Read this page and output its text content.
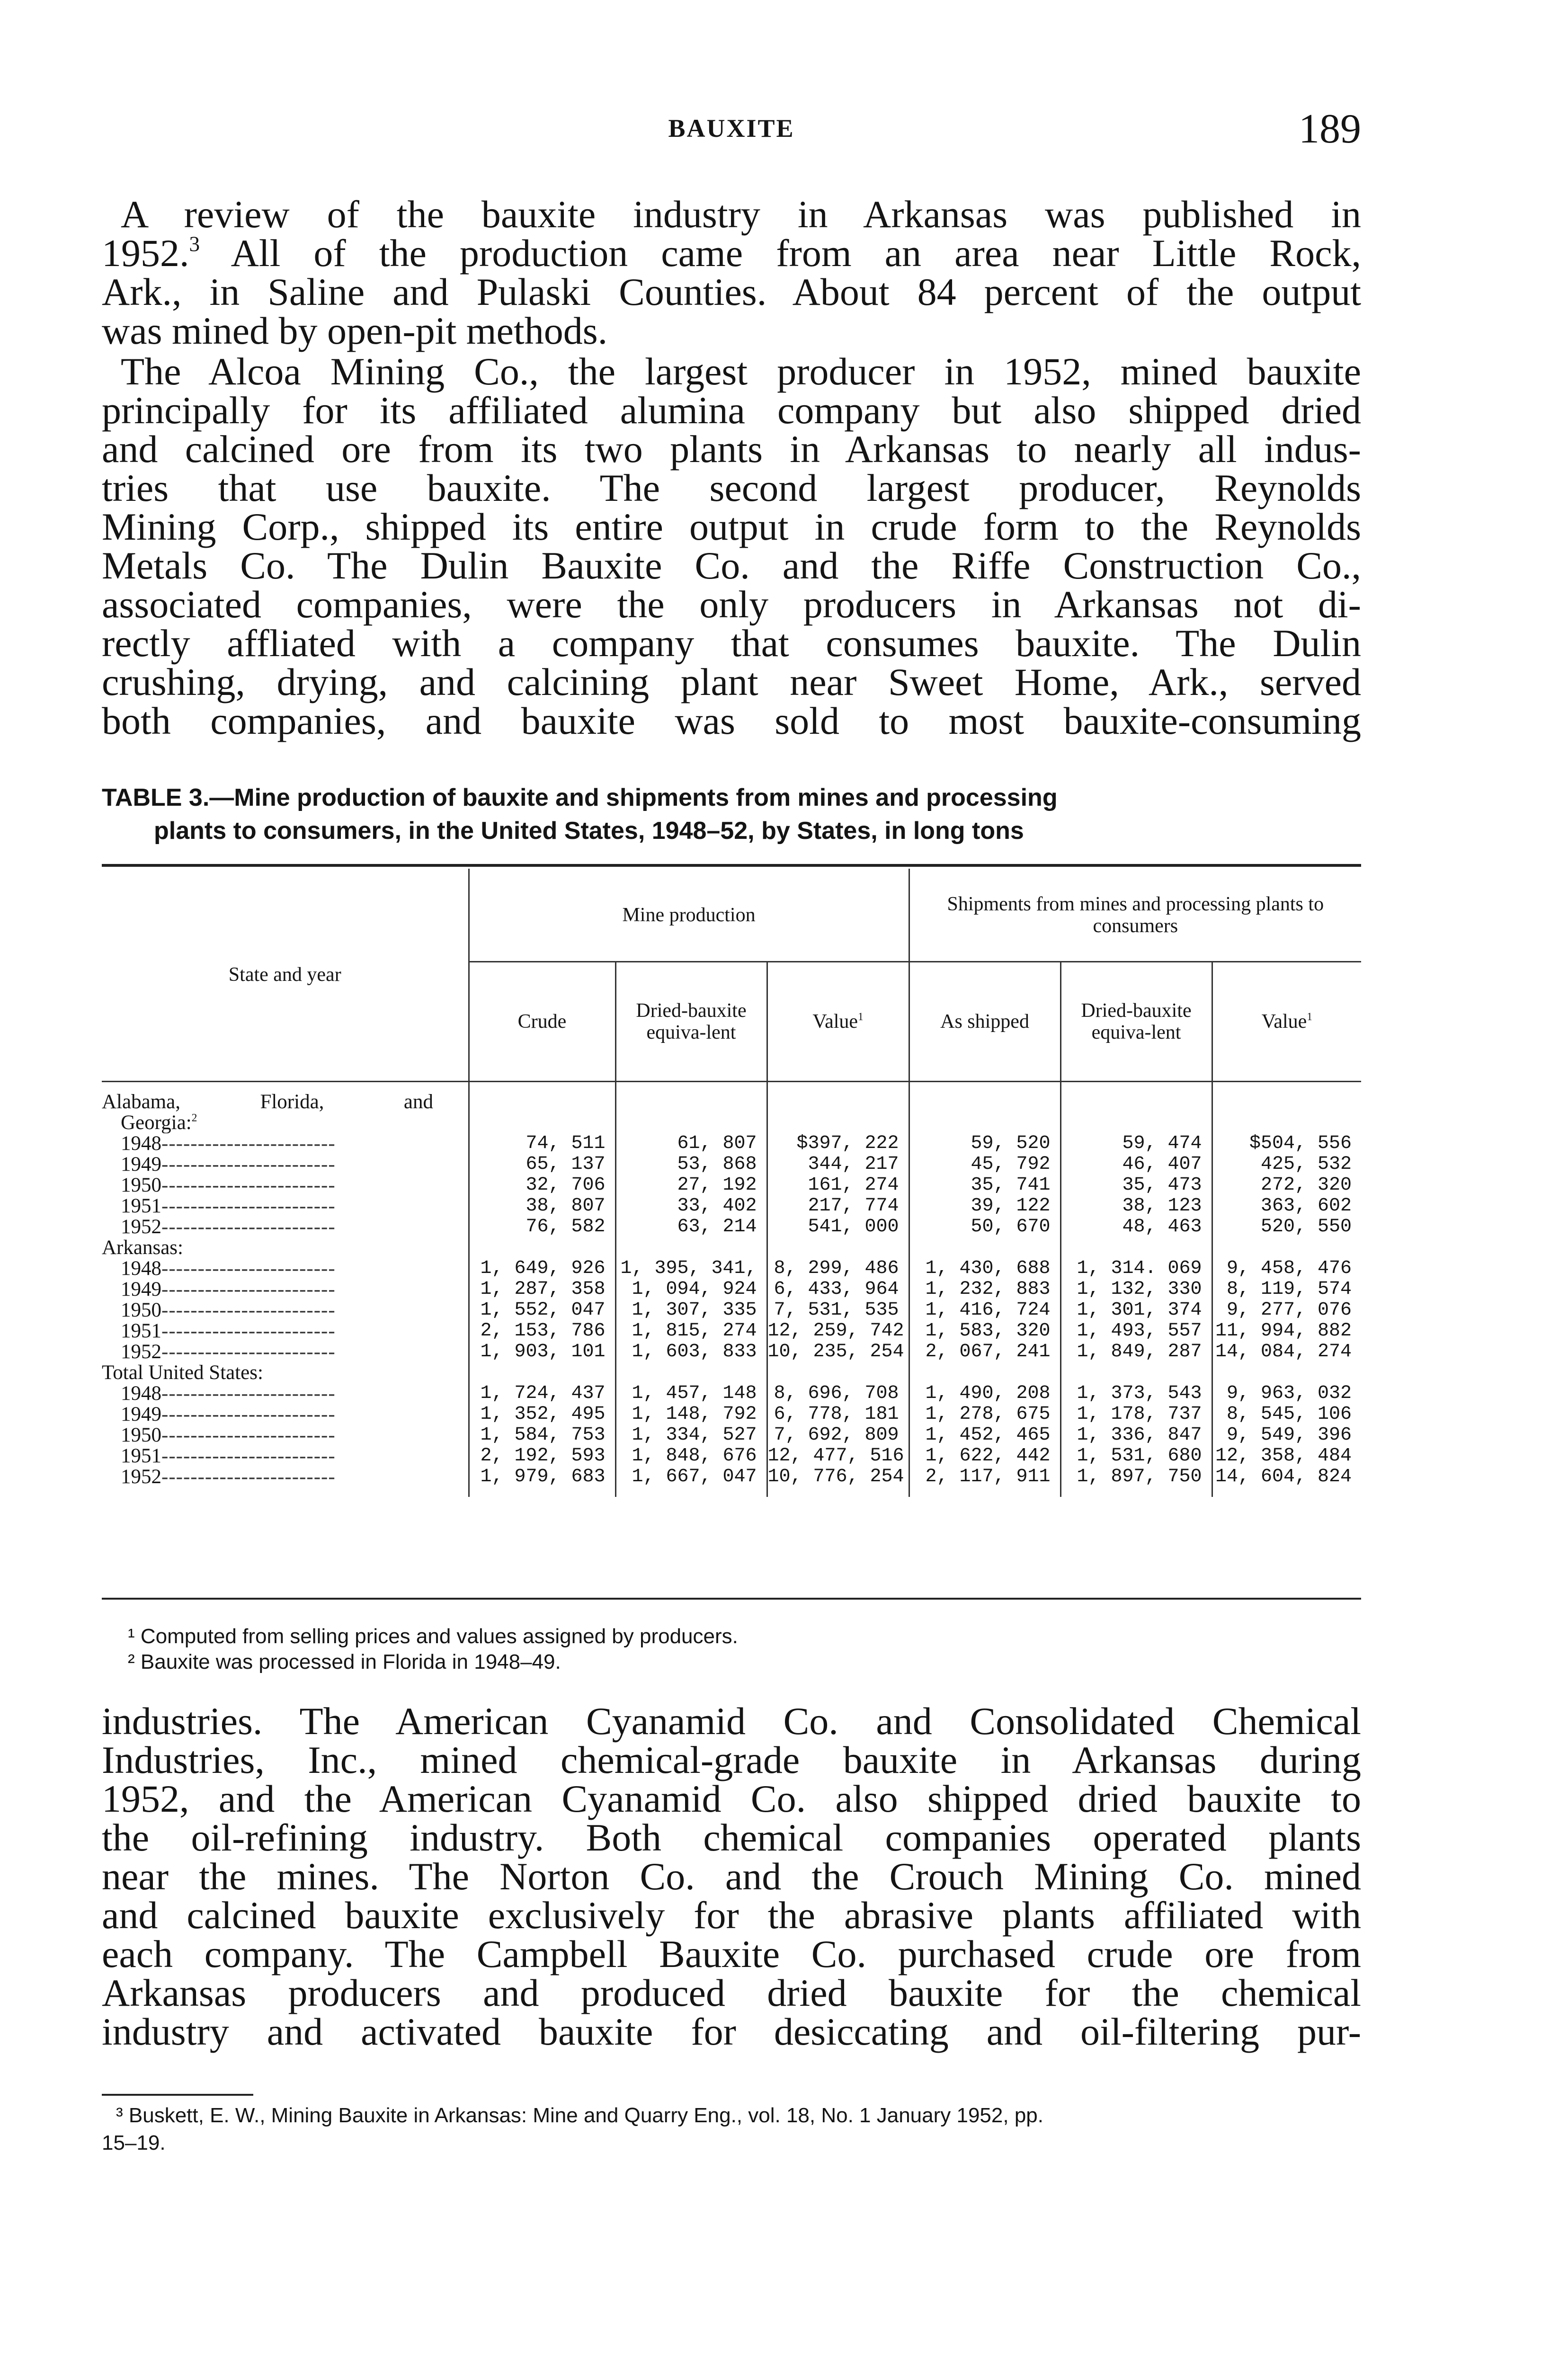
BAUXITE	189
A review of the bauxite industry in Arkansas was published in
1952.$^3$ All of the production came from an area near Little Rock,
Ark., in Saline and Pulaski Counties. About 84 percent of the output
was mined by open-pit methods.
The Alcoa Mining Co., the largest producer in 1952, mined bauxite
principally for its affiliated alumina company but also shipped dried
and calcined ore from its two plants in Arkansas to nearly all indus-
tries that use bauxite. The second largest producer, Reynolds
Mining Corp., shipped its entire output in crude form to the Reynolds
Metals Co. The Dulin Bauxite Co. and the Riffe Construction Co.,
associated companies, were the only producers in Arkansas not di-
rectly affliated with a company that consumes bauxite. The Dulin
crushing, drying, and calcining plant near Sweet Home, Ark., served
both companies, and bauxite was sold to most bauxite-consuming
TABLE 3.—Mine production of bauxite and shipments from mines and processing
plants to consumers, in the United States, 1948–52, by States, in long tons
State and year	Mine production			Shipments from mines and processing plants to consumers		
	Crude	Dried-bauxite equiva-lent	Value$^1$	As shipped	Dried-bauxite equiva-lent	Value$^1$

Alabama, Florida, and						
Georgia:$^2$						
1948------------------------	74, 511	61, 807	$397, 222	59, 520	59, 474	$504, 556
1949------------------------	65, 137	53, 868	344, 217	45, 792	46, 407	425, 532
1950------------------------	32, 706	27, 192	161, 274	35, 741	35, 473	272, 320
1951------------------------	38, 807	33, 402	217, 774	39, 122	38, 123	363, 602
1952------------------------	76, 582	63, 214	541, 000	50, 670	48, 463	520, 550
Arkansas:						
1948------------------------	1, 649, 926	1, 395, 341,	8, 299, 486	1, 430, 688	1, 314. 069	9, 458, 476
1949------------------------	1, 287, 358	1, 094, 924	6, 433, 964	1, 232, 883	1, 132, 330	8, 119, 574
1950------------------------	1, 552, 047	1, 307, 335	7, 531, 535	1, 416, 724	1, 301, 374	9, 277, 076
1951------------------------	2, 153, 786	1, 815, 274	12, 259, 742	1, 583, 320	1, 493, 557	11, 994, 882
1952------------------------	1, 903, 101	1, 603, 833	10, 235, 254	2, 067, 241	1, 849, 287	14, 084, 274
Total United States:						
1948------------------------	1, 724, 437	1, 457, 148	8, 696, 708	1, 490, 208	1, 373, 543	9, 963, 032
1949------------------------	1, 352, 495	1, 148, 792	6, 778, 181	1, 278, 675	1, 178, 737	8, 545, 106
1950------------------------	1, 584, 753	1, 334, 527	7, 692, 809	1, 452, 465	1, 336, 847	9, 549, 396
1951------------------------	2, 192, 593	1, 848, 676	12, 477, 516	1, 622, 442	1, 531, 680	12, 358, 484
1952------------------------	1, 979, 683	1, 667, 047	10, 776, 254	2, 117, 911	1, 897, 750	14, 604, 824

¹ Computed from selling prices and values assigned by producers.
² Bauxite was processed in Florida in 1948–49.
industries. The American Cyanamid Co. and Consolidated Chemical
Industries, Inc., mined chemical-grade bauxite in Arkansas during
1952, and the American Cyanamid Co. also shipped dried bauxite to
the oil-refining industry. Both chemical companies operated plants
near the mines. The Norton Co. and the Crouch Mining Co. mined
and calcined bauxite exclusively for the abrasive plants affiliated with
each company. The Campbell Bauxite Co. purchased crude ore from
Arkansas producers and produced dried bauxite for the chemical
industry and activated bauxite for desiccating and oil-filtering pur-
³ Buskett, E. W., Mining Bauxite in Arkansas: Mine and Quarry Eng., vol. 18, No. 1 January 1952, pp.
15–19.
